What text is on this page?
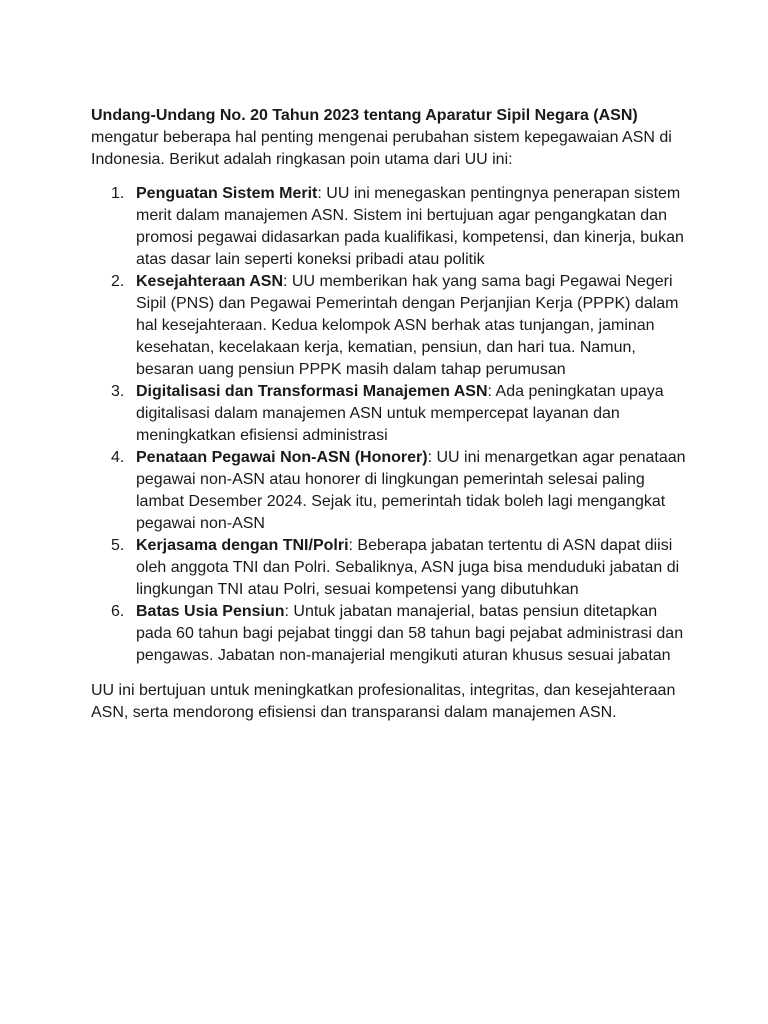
Undang-Undang No. 20 Tahun 2023 tentang Aparatur Sipil Negara (ASN)
mengatur beberapa hal penting mengenai perubahan sistem kepegawaian ASN di Indonesia. Berikut adalah ringkasan poin utama dari UU ini:

1. Penguatan Sistem Merit: UU ini menegaskan pentingnya penerapan sistem merit dalam manajemen ASN. Sistem ini bertujuan agar pengangkatan dan promosi pegawai didasarkan pada kualifikasi, kompetensi, dan kinerja, bukan atas dasar lain seperti koneksi pribadi atau politik
2. Kesejahteraan ASN: UU memberikan hak yang sama bagi Pegawai Negeri Sipil (PNS) dan Pegawai Pemerintah dengan Perjanjian Kerja (PPPK) dalam hal kesejahteraan. Kedua kelompok ASN berhak atas tunjangan, jaminan kesehatan, kecelakaan kerja, kematian, pensiun, dan hari tua. Namun, besaran uang pensiun PPPK masih dalam tahap perumusan
3. Digitalisasi dan Transformasi Manajemen ASN: Ada peningkatan upaya digitalisasi dalam manajemen ASN untuk mempercepat layanan dan meningkatkan efisiensi administrasi
4. Penataan Pegawai Non-ASN (Honorer): UU ini menargetkan agar penataan pegawai non-ASN atau honorer di lingkungan pemerintah selesai paling lambat Desember 2024. Sejak itu, pemerintah tidak boleh lagi mengangkat pegawai non-ASN
5. Kerjasama dengan TNI/Polri: Beberapa jabatan tertentu di ASN dapat diisi oleh anggota TNI dan Polri. Sebaliknya, ASN juga bisa menduduki jabatan di lingkungan TNI atau Polri, sesuai kompetensi yang dibutuhkan
6. Batas Usia Pensiun: Untuk jabatan manajerial, batas pensiun ditetapkan pada 60 tahun bagi pejabat tinggi dan 58 tahun bagi pejabat administrasi dan pengawas. Jabatan non-manajerial mengikuti aturan khusus sesuai jabatan

UU ini bertujuan untuk meningkatkan profesionalitas, integritas, dan kesejahteraan ASN, serta mendorong efisiensi dan transparansi dalam manajemen ASN.
